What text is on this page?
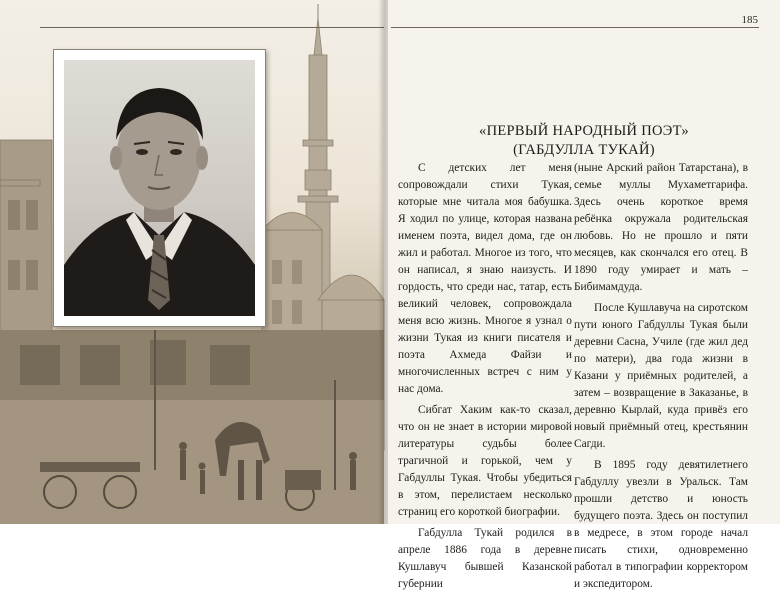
185
«ПЕРВЫЙ НАРОДНЫЙ ПОЭТ»
(ГАБДУЛЛА ТУКАЙ)

С детских лет меня сопровождали стихи Тукая, которые мне читала моя бабушка. Я ходил по улице, которая названа именем поэта, видел дома, где он жил и работал. Многое из того, что он написал, я знаю наизусть. И гордость, что среди нас, татар, есть великий человек, сопровождала меня всю жизнь. Многое я узнал о жизни Тукая из книги писателя и поэта Ахмеда Файзи и многочисленных встреч с ним у нас дома.

Сибгат Хаким как-то сказал, что он не знает в истории мировой литературы судьбы более трагичной и горькой, чем у Габдуллы Тукая. Чтобы убедиться в этом, перелистаем несколько страниц его короткой биографии.

Габдулла Тукай родился в апреле 1886 года в деревне Кушлавуч бывшей Казанской губернии

(ныне Арский район Татарстана), в семье муллы Мухаметгарифа. Здесь очень короткое время ребёнка окружала родительская любовь. Но не прошло и пяти месяцев, как скончался его отец. В 1890 году умирает и мать – Бибимамдуда.

После Кушлавуча на сиротском пути юного Габдуллы Тукая были деревни Сасна, Училе (где жил дед по матери), два года жизни в Казани у приёмных родителей, а затем – возвращение в Заказанье, в деревню Кырлай, куда привёз его новый приёмный отец, крестьянин Сагди.

В 1895 году девятилетнего Габдуллу увезли в Уральск. Там прошли детство и юность будущего поэта. Здесь он поступил в медресе, в этом городе начал писать стихи, одновременно работал в типографии корректором и экспедитором.
